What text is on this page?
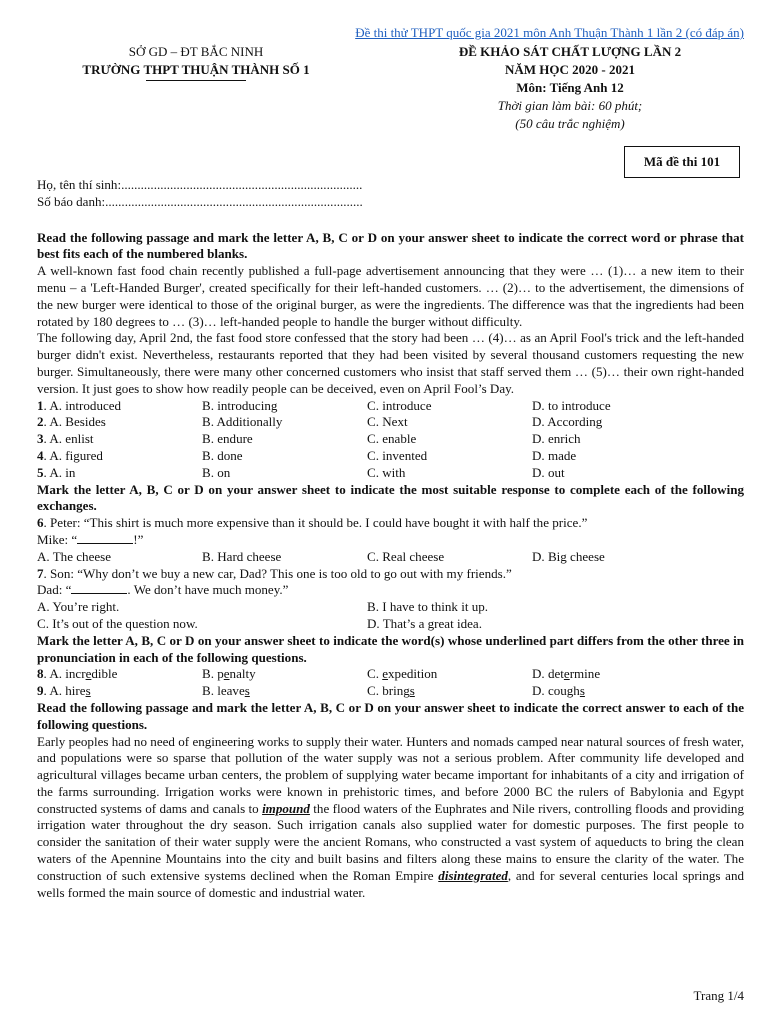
Đề thi thử THPT quốc gia 2021 môn Anh Thuận Thành 1 lần 2 (có đáp án)
SỞ GD – ĐT BẮC NINH
TRƯỜNG THPT THUẬN THÀNH SỐ 1
ĐỀ KHẢO SÁT CHẤT LƯỢNG LẦN 2
NĂM HỌC 2020 - 2021
Môn: Tiếng Anh 12
Thời gian làm bài: 60 phút;
(50 câu trắc nghiệm)
Mã đề thi 101

Họ, tên thí sinh:..........................................................................

Số báo danh:...............................................................................

Read the following passage and mark the letter A, B, C or D on your answer sheet to indicate the correct word or phrase that best fits each of the numbered blanks.

A well-known fast food chain recently published a full-page advertisement announcing that they were … (1)… a new item to their menu – a 'Left-Handed Burger', created specifically for their left-handed customers. … (2)… to the advertisement, the dimensions of the new burger were identical to those of the original burger, as were the ingredients. The difference was that the ingredients had been rotated by 180 degrees to … (3)… left-handed people to handle the burger without difficulty.

The following day, April 2nd, the fast food store confessed that the story had been … (4)… as an April Fool's trick and the left-handed burger didn't exist. Nevertheless, restaurants reported that they had been visited by several thousand customers requesting the new burger. Simultaneously, there were many other concerned customers who insist that staff served them … (5)… their own right-handed version. It just goes to show how readily people can be deceived, even on April Fool’s Day.

1. A. introduced	B. introducing	C. introduce	D. to introduce
2. A. Besides	B. Additionally	C. Next	D. According
3. A. enlist	B. endure	C. enable	D. enrich
4. A. figured	B. done	C. invented	D. made
5. A. in	B. on	C. with	D. out

Mark the letter A, B, C or D on your answer sheet to indicate the most suitable response to complete each of the following exchanges.

6. Peter: “This shirt is much more expensive than it should be. I could have bought it with half the price.”

Mike: “	!”

A. The cheese	B. Hard cheese	C. Real cheese	D. Big cheese

7. Son: “Why don’t we buy a new car, Dad? This one is too old to go out with my friends.”

Dad: “	. We don’t have much money.”

A. You’re right.	B. I have to think it up.
C. It’s out of the question now.	D. That’s a great idea.

Mark the letter A, B, C or D on your answer sheet to indicate the word(s) whose underlined part differs from the other three in pronunciation in each of the following questions.

8. A. incredible	B. penalty	C. expedition	D. determine
9. A. hires	B. leaves	C. brings	D. coughs

Read the following passage and mark the letter A, B, C or D on your answer sheet to indicate the correct answer to each of the following questions.

Early peoples had no need of engineering works to supply their water. Hunters and nomads camped near natural sources of fresh water, and populations were so sparse that pollution of the water supply was not a serious problem. After community life developed and agricultural villages became urban centers, the problem of supplying water became important for inhabitants of a city and irrigation of the farms surrounding. Irrigation works were known in prehistoric times, and before 2000 BC the rulers of Babylonia and Egypt constructed systems of dams and canals to impound the flood waters of the Euphrates and Nile rivers, controlling floods and providing irrigation water throughout the dry season. Such irrigation canals also supplied water for domestic purposes. The first people to consider the sanitation of their water supply were the ancient Romans, who constructed a vast system of aqueducts to bring the clean waters of the Apennine Mountains into the city and built basins and filters along these mains to ensure the clarity of the water. The construction of such extensive systems declined when the Roman Empire disintegrated, and for several centuries local springs and wells formed the main source of domestic and industrial water.

Trang 1/4
